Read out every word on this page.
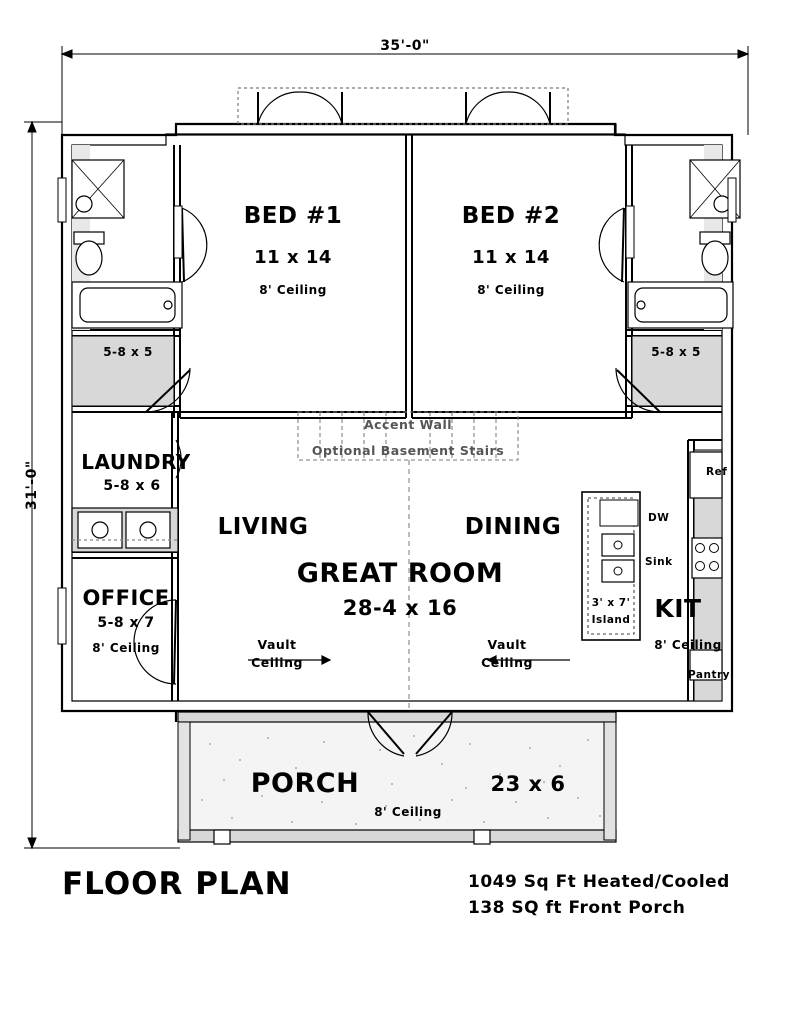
35'-0"
31'-0"
BED #1
11 x 14
8' Ceiling
BED #2
11 x 14
8' Ceiling
5-8 x 5	5-8 x 5
Accent Wall
Optional Basement Stairs
LAUNDRY
5-8 x 6
OFFICE
5-8 x 7
8' Ceiling
LIVING	DINING
GREAT ROOM
28-4 x 16
Vault
Ceiling
Vault
Ceiling
KIT
8' Ceiling
Ref
DW
Sink
Pantry
3' x 7'
Island
PORCH	23 x 6
8' Ceiling
FLOOR PLAN	1049 Sq Ft Heated/Cooled
138 SQ ft Front Porch
